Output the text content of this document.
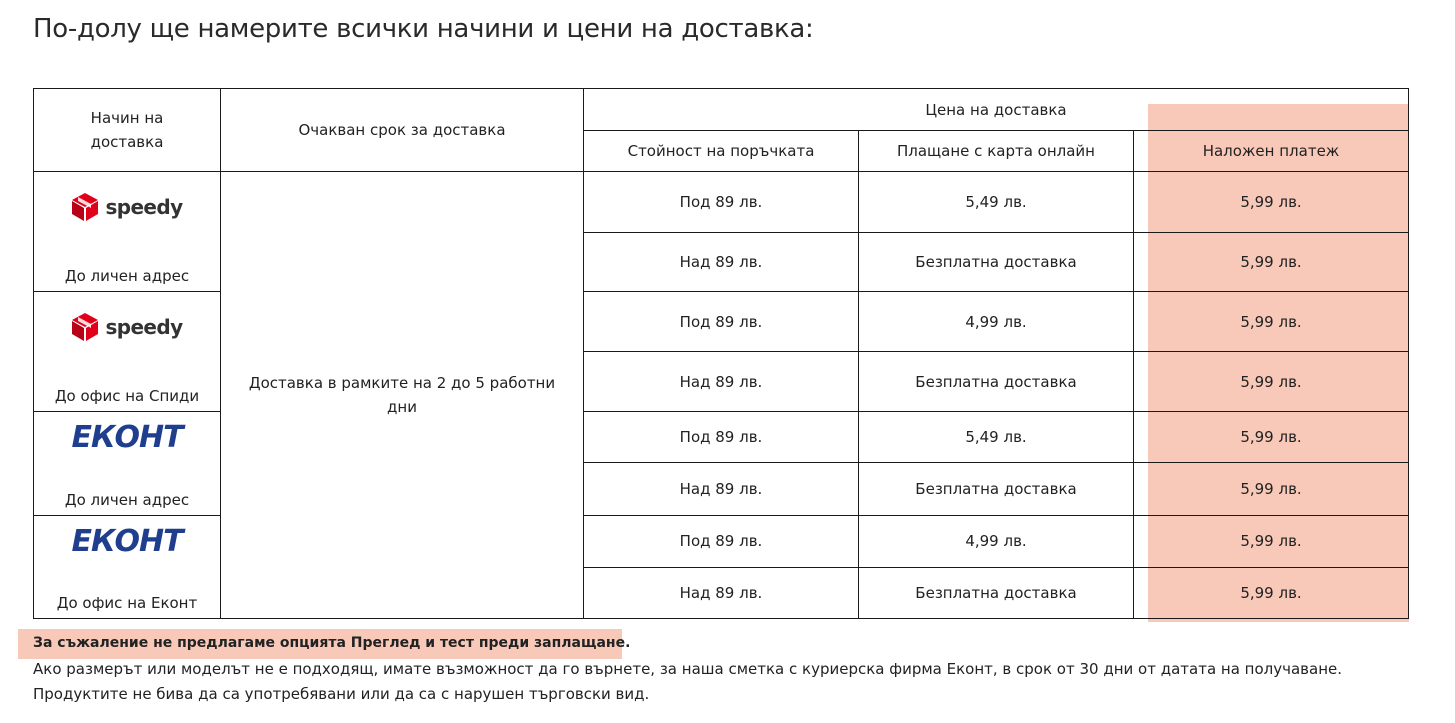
По-долу ще намерите всички начини и цени на доставка:
Начин на доставка	Очакван срок за доставка	Цена на доставка		
		Стойност на поръчката	Плащане с карта онлайн	Наложен платеж

speedy
До личен адрес	Доставка в рамките на 2 до 5 работни дни	Под 89 лв.	5,49 лв.	5,99 лв.
		Над 89 лв.	Безплатна доставка	5,99 лв.

speedy
До офис на Спиди		Под 89 лв.	4,99 лв.	5,99 лв.
		Над 89 лв.	Безплатна доставка	5,99 лв.

ЕКОНТ
До личен адрес		Под 89 лв.	5,49 лв.	5,99 лв.
		Над 89 лв.	Безплатна доставка	5,99 лв.

ЕКОНТ
До офис на Еконт		Под 89 лв.	4,99 лв.	5,99 лв.
		Над 89 лв.	Безплатна доставка	5,99 лв.
За съжаление не предлагаме опцията Преглед и тест преди заплащане.
Ако размерът или моделът не е подходящ, имате възможност да го върнете, за наша сметка с куриерска фирма Еконт, в срок от 30 дни от датата на получаване. Продуктите не бива да са употребявани или да са с нарушен търговски вид.
